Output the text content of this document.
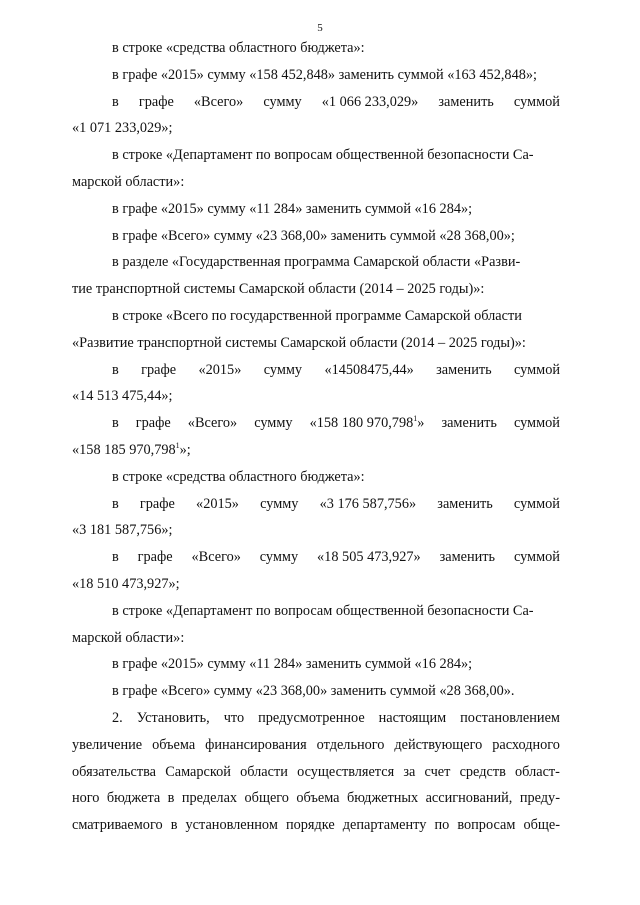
5
в строке «средства областного бюджета»:
в графе «2015» сумму «158 452,848» заменить суммой «163 452,848»;
в графе «Всего» сумму «1 066 233,029» заменить суммой
«1 071 233,029»;
в строке «Департамент по вопросам общественной безопасности Са-
марской области»:
в графе «2015» сумму «11 284» заменить суммой «16 284»;
в графе «Всего» сумму «23 368,00» заменить суммой «28 368,00»;
в разделе «Государственная программа Самарской области «Разви-
тие транспортной системы Самарской области (2014 – 2025 годы)»:
в строке «Всего по государственной программе Самарской области
«Развитие транспортной системы Самарской области (2014 – 2025 годы)»:
в графе «2015» сумму «14508475,44» заменить суммой
«14 513 475,44»;
в графе «Всего» сумму «158 180 970,798$^1$» заменить суммой
«158 185 970,798$^1$»;
в строке «средства областного бюджета»:
в графе «2015» сумму «3 176 587,756» заменить суммой
«3 181 587,756»;
в графе «Всего» сумму «18 505 473,927» заменить суммой
«18 510 473,927»;
в строке «Департамент по вопросам общественной безопасности Са-
марской области»:
в графе «2015» сумму «11 284» заменить суммой «16 284»;
в графе «Всего» сумму «23 368,00» заменить суммой «28 368,00».
2. Установить, что предусмотренное настоящим постановлением
увеличение объема финансирования отдельного действующего расходного
обязательства Самарской области осуществляется за счет средств област-
ного бюджета в пределах общего объема бюджетных ассигнований, преду-
сматриваемого в установленном порядке департаменту по вопросам обще-
